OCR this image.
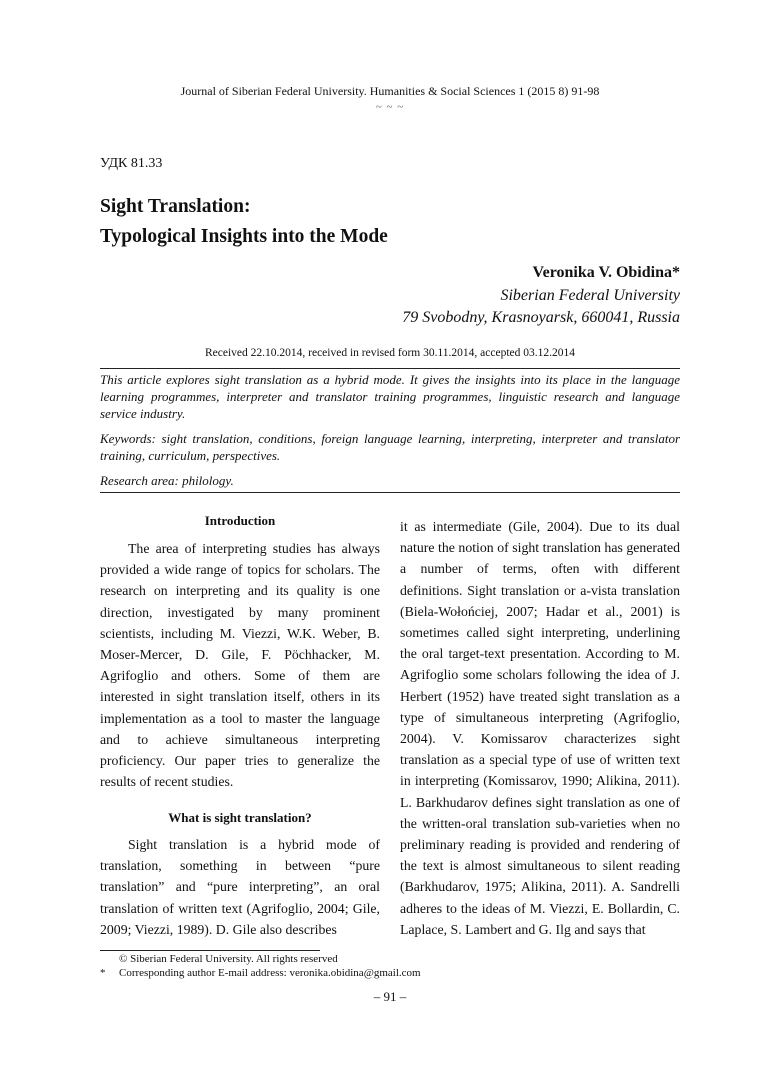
Journal of Siberian Federal University. Humanities & Social Sciences 1 (2015 8) 91-98
~ ~ ~
УДК 81.33
Sight Translation:
Typological Insights into the Mode
Veronika V. Obidina*
Siberian Federal University
79 Svobodny, Krasnoyarsk, 660041, Russia
Received 22.10.2014, received in revised form 30.11.2014, accepted 03.12.2014

This article explores sight translation as a hybrid mode. It gives the insights into its place in the language learning programmes, interpreter and translator training programmes, linguistic research and language service industry.

Keywords: sight translation, conditions, foreign language learning, interpreting, interpreter and translator training, curriculum, perspectives.

Research area: philology.

Introduction

The area of interpreting studies has always provided a wide range of topics for scholars. The research on interpreting and its quality is one direction, investigated by many prominent scientists, including M. Viezzi, W.K. Weber, B. Moser-Mercer, D. Gile, F. Pöchhacker, M. Agrifoglio and others. Some of them are interested in sight translation itself, others in its implementation as a tool to master the language and to achieve simultaneous interpreting proficiency. Our paper tries to generalize the results of recent studies.

What is sight translation?

Sight translation is a hybrid mode of translation, something in between “pure translation” and “pure interpreting”, an oral translation of written text (Agrifoglio, 2004; Gile, 2009; Viezzi, 1989). D. Gile also describes

it as intermediate (Gile, 2004). Due to its dual nature the notion of sight translation has generated a number of terms, often with different definitions. Sight translation or a-vista translation (Biela-Wołońciej, 2007; Hadar et al., 2001) is sometimes called sight interpreting, underlining the oral target-text presentation. According to M. Agrifoglio some scholars following the idea of J. Herbert (1952) have treated sight translation as a type of simultaneous interpreting (Agrifoglio, 2004). V. Komissarov characterizes sight translation as a special type of use of written text in interpreting (Komissarov, 1990; Alikina, 2011). L. Barkhudarov defines sight translation as one of the written-oral translation sub-varieties when no preliminary reading is provided and rendering of the text is almost simultaneous to silent reading (Barkhudarov, 1975; Alikina, 2011). A. Sandrelli adheres to the ideas of M. Viezzi, E. Bollardin, C. Laplace, S. Lambert and G. Ilg and says that

© Siberian Federal University. All rights reserved
* Corresponding author E-mail address: veronika.obidina@gmail.com
– 91 –
